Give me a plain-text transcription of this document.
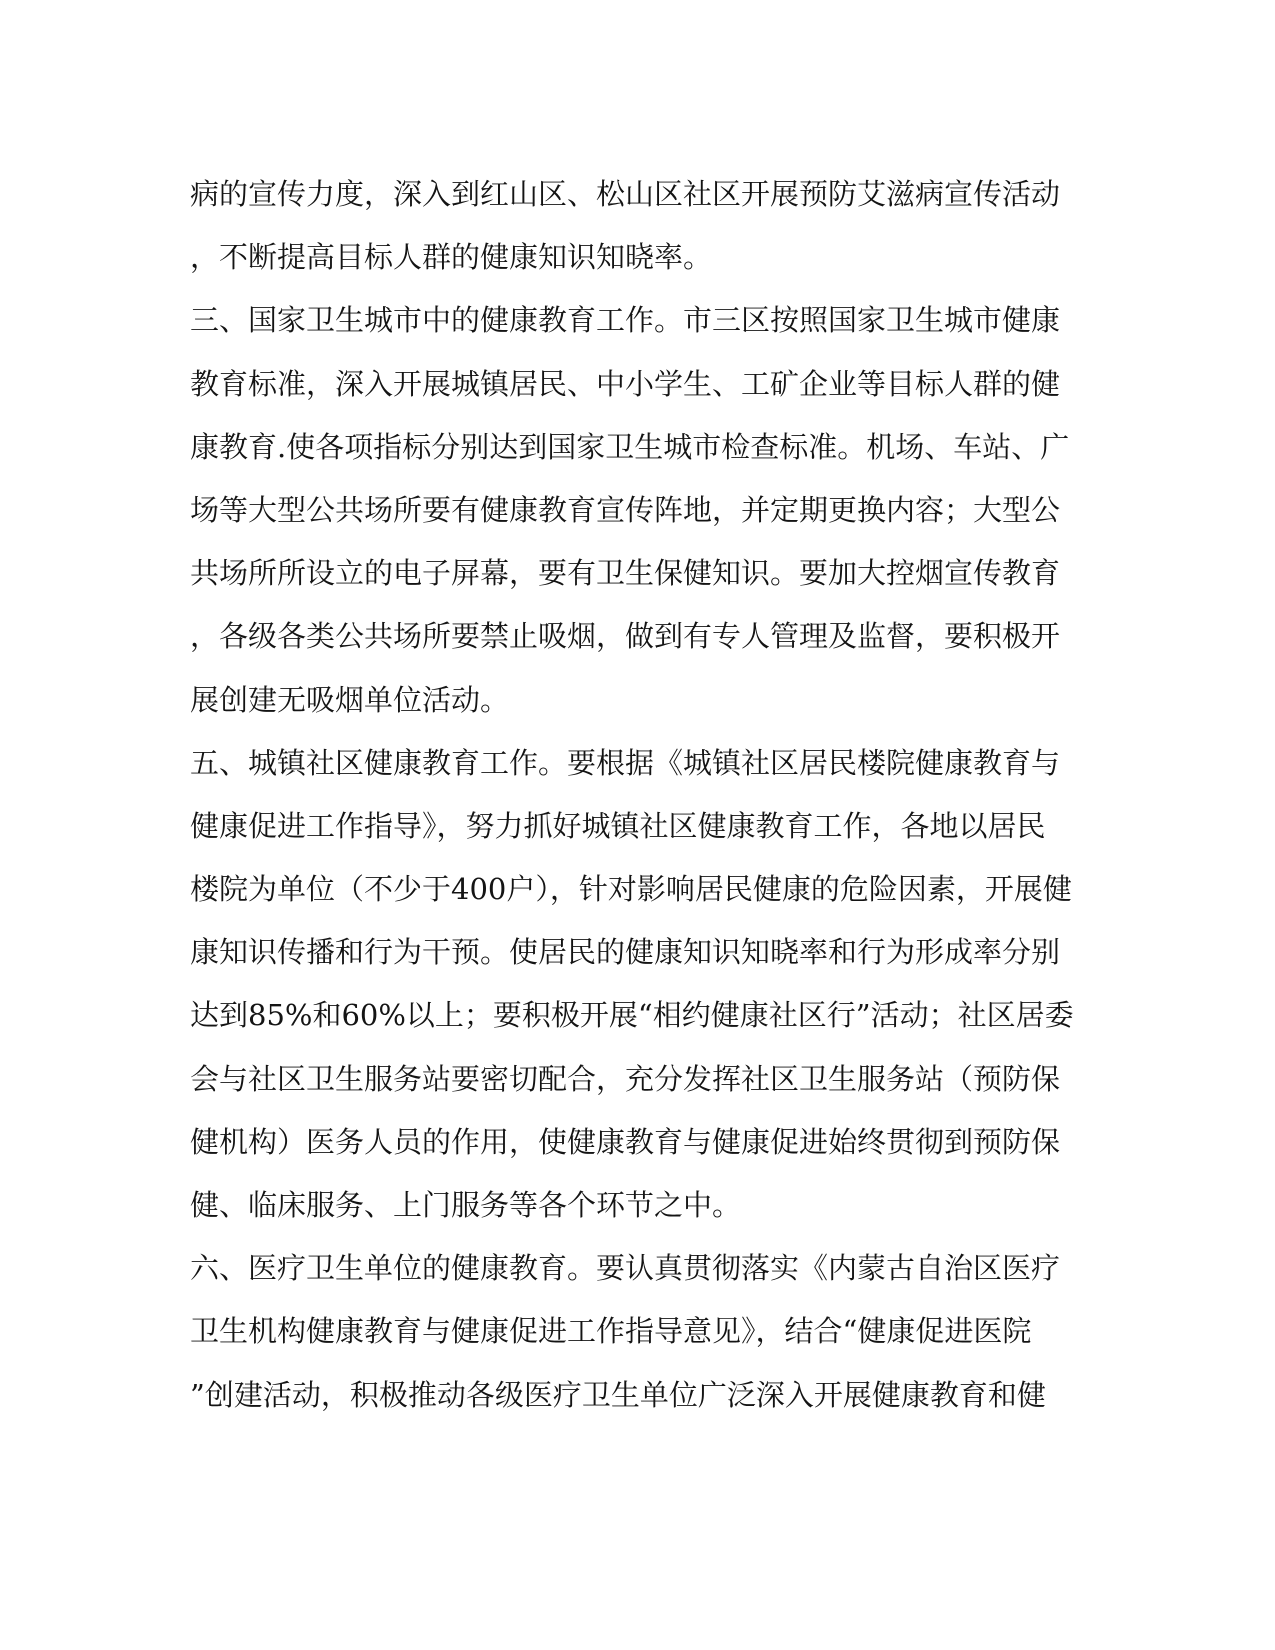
病的宣传力度，深入到红山区、松山区社区开展预防艾滋病宣传活动
，不断提高目标人群的健康知识知晓率。
三、国家卫生城市中的健康教育工作。市三区按照国家卫生城市健康
教育标准，深入开展城镇居民、中小学生、工矿企业等目标人群的健
康教育.使各项指标分别达到国家卫生城市检查标准。机场、车站、广
场等大型公共场所要有健康教育宣传阵地，并定期更换内容；大型公
共场所所设立的电子屏幕，要有卫生保健知识。要加大控烟宣传教育
，各级各类公共场所要禁止吸烟，做到有专人管理及监督，要积极开
展创建无吸烟单位活动。
五、城镇社区健康教育工作。要根据《城镇社区居民楼院健康教育与
健康促进工作指导》，努力抓好城镇社区健康教育工作，各地以居民
楼院为单位（不少于400户），针对影响居民健康的危险因素，开展健
康知识传播和行为干预。使居民的健康知识知晓率和行为形成率分别
达到85%和60%以上；要积极开展“相约健康社区行”活动；社区居委
会与社区卫生服务站要密切配合，充分发挥社区卫生服务站（预防保
健机构）医务人员的作用，使健康教育与健康促进始终贯彻到预防保
健、临床服务、上门服务等各个环节之中。
六、医疗卫生单位的健康教育。要认真贯彻落实《内蒙古自治区医疗
卫生机构健康教育与健康促进工作指导意见》，结合“健康促进医院
”创建活动，积极推动各级医疗卫生单位广泛深入开展健康教育和健
